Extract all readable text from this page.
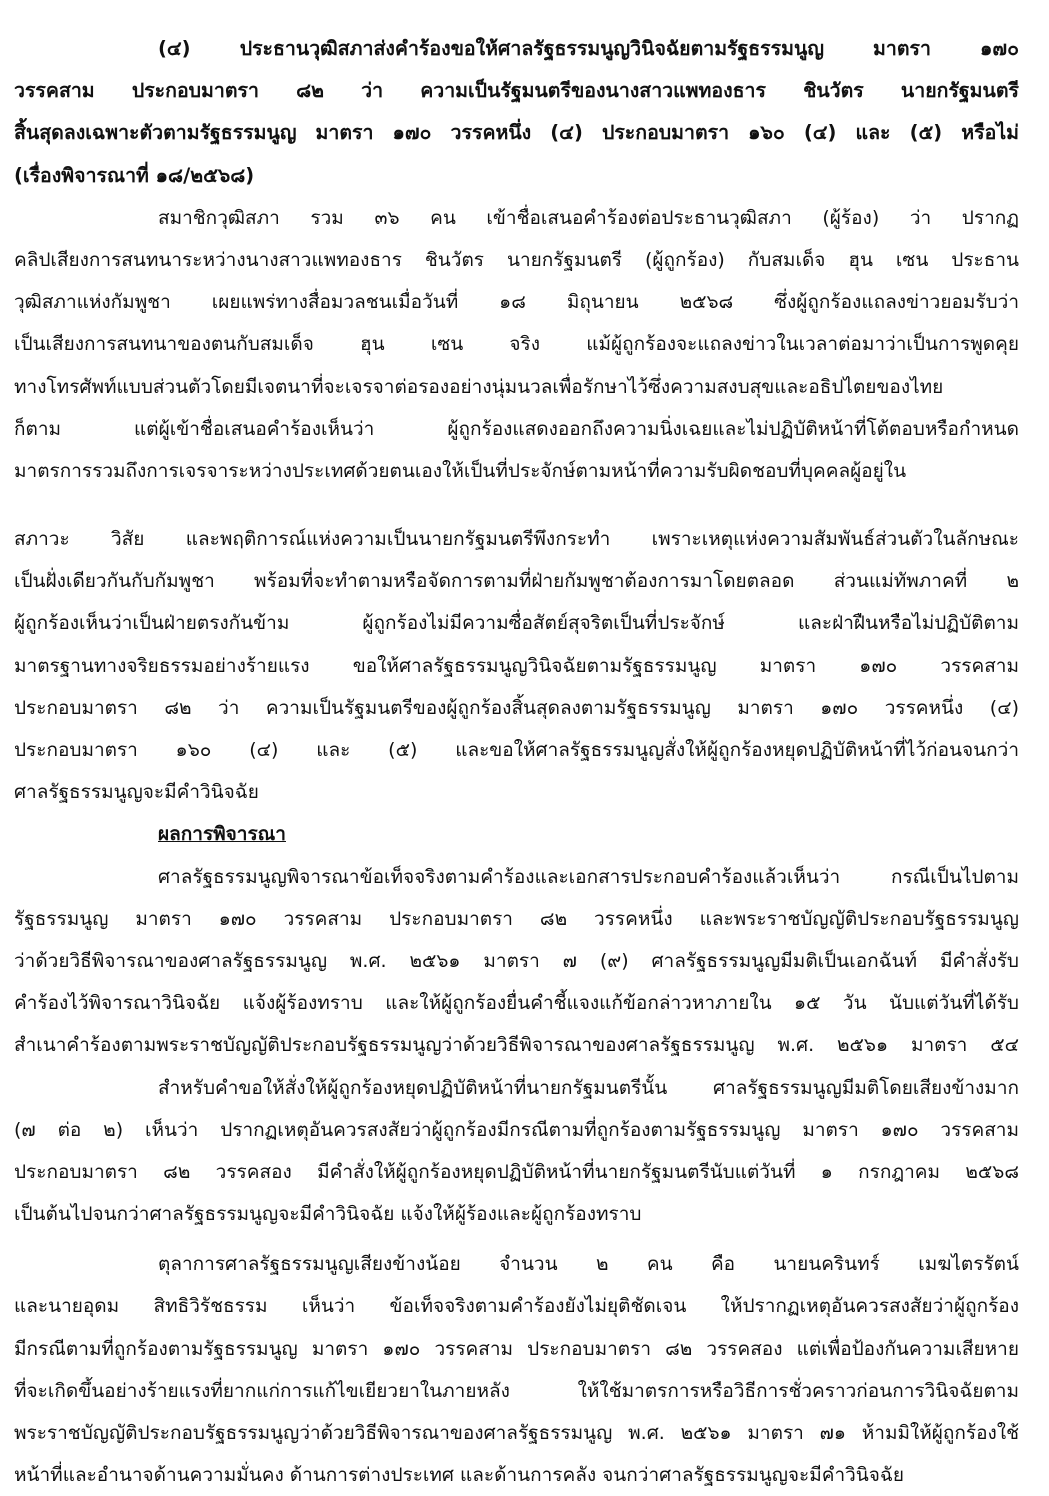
(๔) ประธานวุฒิสภาส่งคำร้องขอให้ศาลรัฐธรรมนูญวินิจฉัยตามรัฐธรรมนูญ มาตรา ๑๗๐
วรรคสาม ประกอบมาตรา ๘๒ ว่า ความเป็นรัฐมนตรีของนางสาวแพทองธาร ชินวัตร นายกรัฐมนตรี
สิ้นสุดลงเฉพาะตัวตามรัฐธรรมนูญ มาตรา ๑๗๐ วรรคหนึ่ง (๔) ประกอบมาตรา ๑๖๐ (๔) และ (๕) หรือไม่
(เรื่องพิจารณาที่ ๑๘/๒๕๖๘)
สมาชิกวุฒิสภา รวม ๓๖ คน เข้าชื่อเสนอคำร้องต่อประธานวุฒิสภา (ผู้ร้อง) ว่า ปรากฏ
คลิปเสียงการสนทนาระหว่างนางสาวแพทองธาร ชินวัตร นายกรัฐมนตรี (ผู้ถูกร้อง) กับสมเด็จ ฮุน เซน ประธาน
วุฒิสภาแห่งกัมพูชา เผยแพร่ทางสื่อมวลชนเมื่อวันที่ ๑๘ มิถุนายน ๒๕๖๘ ซึ่งผู้ถูกร้องแถลงข่าวยอมรับว่า
เป็นเสียงการสนทนาของตนกับสมเด็จ ฮุน เซน จริง แม้ผู้ถูกร้องจะแถลงข่าวในเวลาต่อมาว่าเป็นการพูดคุย
ทางโทรศัพท์แบบส่วนตัวโดยมีเจตนาที่จะเจรจาต่อรองอย่างนุ่มนวลเพื่อรักษาไว้ซึ่งความสงบสุขและอธิปไตยของไทย
ก็ตาม แต่ผู้เข้าชื่อเสนอคำร้องเห็นว่า ผู้ถูกร้องแสดงออกถึงความนิ่งเฉยและไม่ปฏิบัติหน้าที่โต้ตอบหรือกำหนด
มาตรการรวมถึงการเจรจาระหว่างประเทศด้วยตนเองให้เป็นที่ประจักษ์ตามหน้าที่ความรับผิดชอบที่บุคคลผู้อยู่ใน
สภาวะ วิสัย และพฤติการณ์แห่งความเป็นนายกรัฐมนตรีพึงกระทำ เพราะเหตุแห่งความสัมพันธ์ส่วนตัวในลักษณะ
เป็นฝั่งเดียวกันกับกัมพูชา พร้อมที่จะทำตามหรือจัดการตามที่ฝ่ายกัมพูชาต้องการมาโดยตลอด ส่วนแม่ทัพภาคที่ ๒
ผู้ถูกร้องเห็นว่าเป็นฝ่ายตรงกันข้าม ผู้ถูกร้องไม่มีความซื่อสัตย์สุจริตเป็นที่ประจักษ์ และฝ่าฝืนหรือไม่ปฏิบัติตาม
มาตรฐานทางจริยธรรมอย่างร้ายแรง ขอให้ศาลรัฐธรรมนูญวินิจฉัยตามรัฐธรรมนูญ มาตรา ๑๗๐ วรรคสาม
ประกอบมาตรา ๘๒ ว่า ความเป็นรัฐมนตรีของผู้ถูกร้องสิ้นสุดลงตามรัฐธรรมนูญ มาตรา ๑๗๐ วรรคหนึ่ง (๔)
ประกอบมาตรา ๑๖๐ (๔) และ (๕) และขอให้ศาลรัฐธรรมนูญสั่งให้ผู้ถูกร้องหยุดปฏิบัติหน้าที่ไว้ก่อนจนกว่า
ศาลรัฐธรรมนูญจะมีคำวินิจฉัย
ผลการพิจารณา
ศาลรัฐธรรมนูญพิจารณาข้อเท็จจริงตามคำร้องและเอกสารประกอบคำร้องแล้วเห็นว่า กรณีเป็นไปตาม
รัฐธรรมนูญ มาตรา ๑๗๐ วรรคสาม ประกอบมาตรา ๘๒ วรรคหนึ่ง และพระราชบัญญัติประกอบรัฐธรรมนูญ
ว่าด้วยวิธีพิจารณาของศาลรัฐธรรมนูญ พ.ศ. ๒๕๖๑ มาตรา ๗ (๙) ศาลรัฐธรรมนูญมีมติเป็นเอกฉันท์ มีคำสั่งรับ
คำร้องไว้พิจารณาวินิจฉัย แจ้งผู้ร้องทราบ และให้ผู้ถูกร้องยื่นคำชี้แจงแก้ข้อกล่าวหาภายใน ๑๕ วัน นับแต่วันที่ได้รับ
สำเนาคำร้องตามพระราชบัญญัติประกอบรัฐธรรมนูญว่าด้วยวิธีพิจารณาของศาลรัฐธรรมนูญ พ.ศ. ๒๕๖๑ มาตรา ๕๔
สำหรับคำขอให้สั่งให้ผู้ถูกร้องหยุดปฏิบัติหน้าที่นายกรัฐมนตรีนั้น ศาลรัฐธรรมนูญมีมติโดยเสียงข้างมาก
(๗ ต่อ ๒) เห็นว่า ปรากฏเหตุอันควรสงสัยว่าผู้ถูกร้องมีกรณีตามที่ถูกร้องตามรัฐธรรมนูญ มาตรา ๑๗๐ วรรคสาม
ประกอบมาตรา ๘๒ วรรคสอง มีคำสั่งให้ผู้ถูกร้องหยุดปฏิบัติหน้าที่นายกรัฐมนตรีนับแต่วันที่ ๑ กรกฎาคม ๒๕๖๘
เป็นต้นไปจนกว่าศาลรัฐธรรมนูญจะมีคำวินิจฉัย แจ้งให้ผู้ร้องและผู้ถูกร้องทราบ
ตุลาการศาลรัฐธรรมนูญเสียงข้างน้อย จำนวน ๒ คน คือ นายนครินทร์ เมฆไตรรัตน์
และนายอุดม สิทธิวิรัชธรรม เห็นว่า ข้อเท็จจริงตามคำร้องยังไม่ยุติชัดเจน ให้ปรากฏเหตุอันควรสงสัยว่าผู้ถูกร้อง
มีกรณีตามที่ถูกร้องตามรัฐธรรมนูญ มาตรา ๑๗๐ วรรคสาม ประกอบมาตรา ๘๒ วรรคสอง แต่เพื่อป้องกันความเสียหาย
ที่จะเกิดขึ้นอย่างร้ายแรงที่ยากแก่การแก้ไขเยียวยาในภายหลัง ให้ใช้มาตรการหรือวิธีการชั่วคราวก่อนการวินิจฉัยตาม
พระราชบัญญัติประกอบรัฐธรรมนูญว่าด้วยวิธีพิจารณาของศาลรัฐธรรมนูญ พ.ศ. ๒๕๖๑ มาตรา ๗๑ ห้ามมิให้ผู้ถูกร้องใช้
หน้าที่และอำนาจด้านความมั่นคง ด้านการต่างประเทศ และด้านการคลัง จนกว่าศาลรัฐธรรมนูญจะมีคำวินิจฉัย
